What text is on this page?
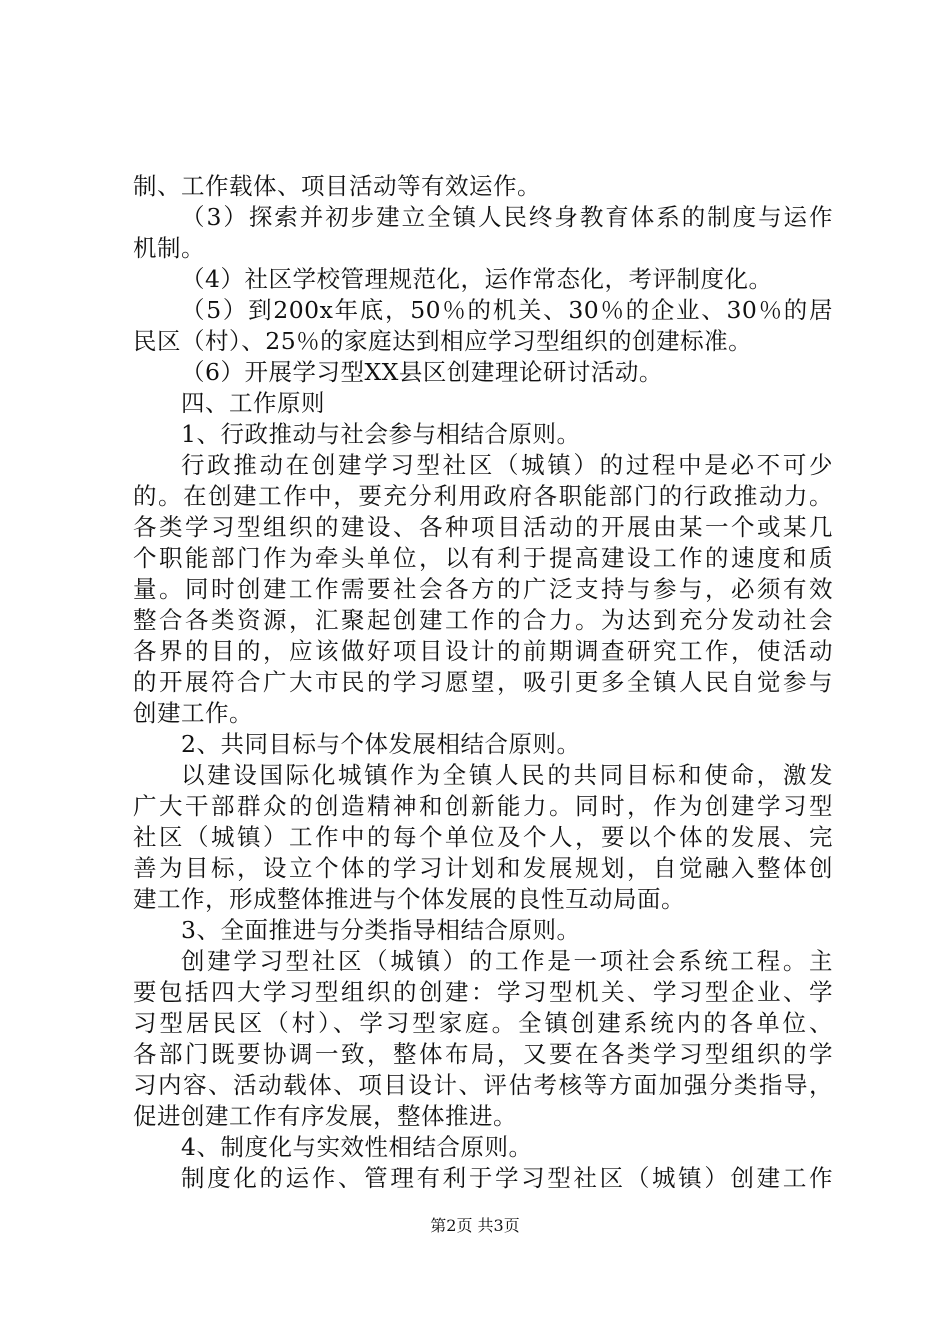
制、工作载体、项目活动等有效运作。
（3）探索并初步建立全镇人民终身教育体系的制度与运作
机制。
（4）社区学校管理规范化，运作常态化，考评制度化。
（5）到200x年底，50％的机关、30％的企业、30％的居
民区（村）、25％的家庭达到相应学习型组织的创建标准。
（6）开展学习型XX县区创建理论研讨活动。
四、工作原则
1、行政推动与社会参与相结合原则。
行政推动在创建学习型社区（城镇）的过程中是必不可少
的。在创建工作中，要充分利用政府各职能部门的行政推动力。
各类学习型组织的建设、各种项目活动的开展由某一个或某几
个职能部门作为牵头单位，以有利于提高建设工作的速度和质
量。同时创建工作需要社会各方的广泛支持与参与，必须有效
整合各类资源，汇聚起创建工作的合力。为达到充分发动社会
各界的目的，应该做好项目设计的前期调查研究工作，使活动
的开展符合广大市民的学习愿望，吸引更多全镇人民自觉参与
创建工作。
2、共同目标与个体发展相结合原则。
以建设国际化城镇作为全镇人民的共同目标和使命，激发
广大干部群众的创造精神和创新能力。同时，作为创建学习型
社区（城镇）工作中的每个单位及个人，要以个体的发展、完
善为目标，设立个体的学习计划和发展规划，自觉融入整体创
建工作，形成整体推进与个体发展的良性互动局面。
3、全面推进与分类指导相结合原则。
创建学习型社区（城镇）的工作是一项社会系统工程。主
要包括四大学习型组织的创建：学习型机关、学习型企业、学
习型居民区（村）、学习型家庭。全镇创建系统内的各单位、
各部门既要协调一致，整体布局，又要在各类学习型组织的学
习内容、活动载体、项目设计、评估考核等方面加强分类指导，
促进创建工作有序发展，整体推进。
4、制度化与实效性相结合原则。
制度化的运作、管理有利于学习型社区（城镇）创建工作
第2页 共3页
